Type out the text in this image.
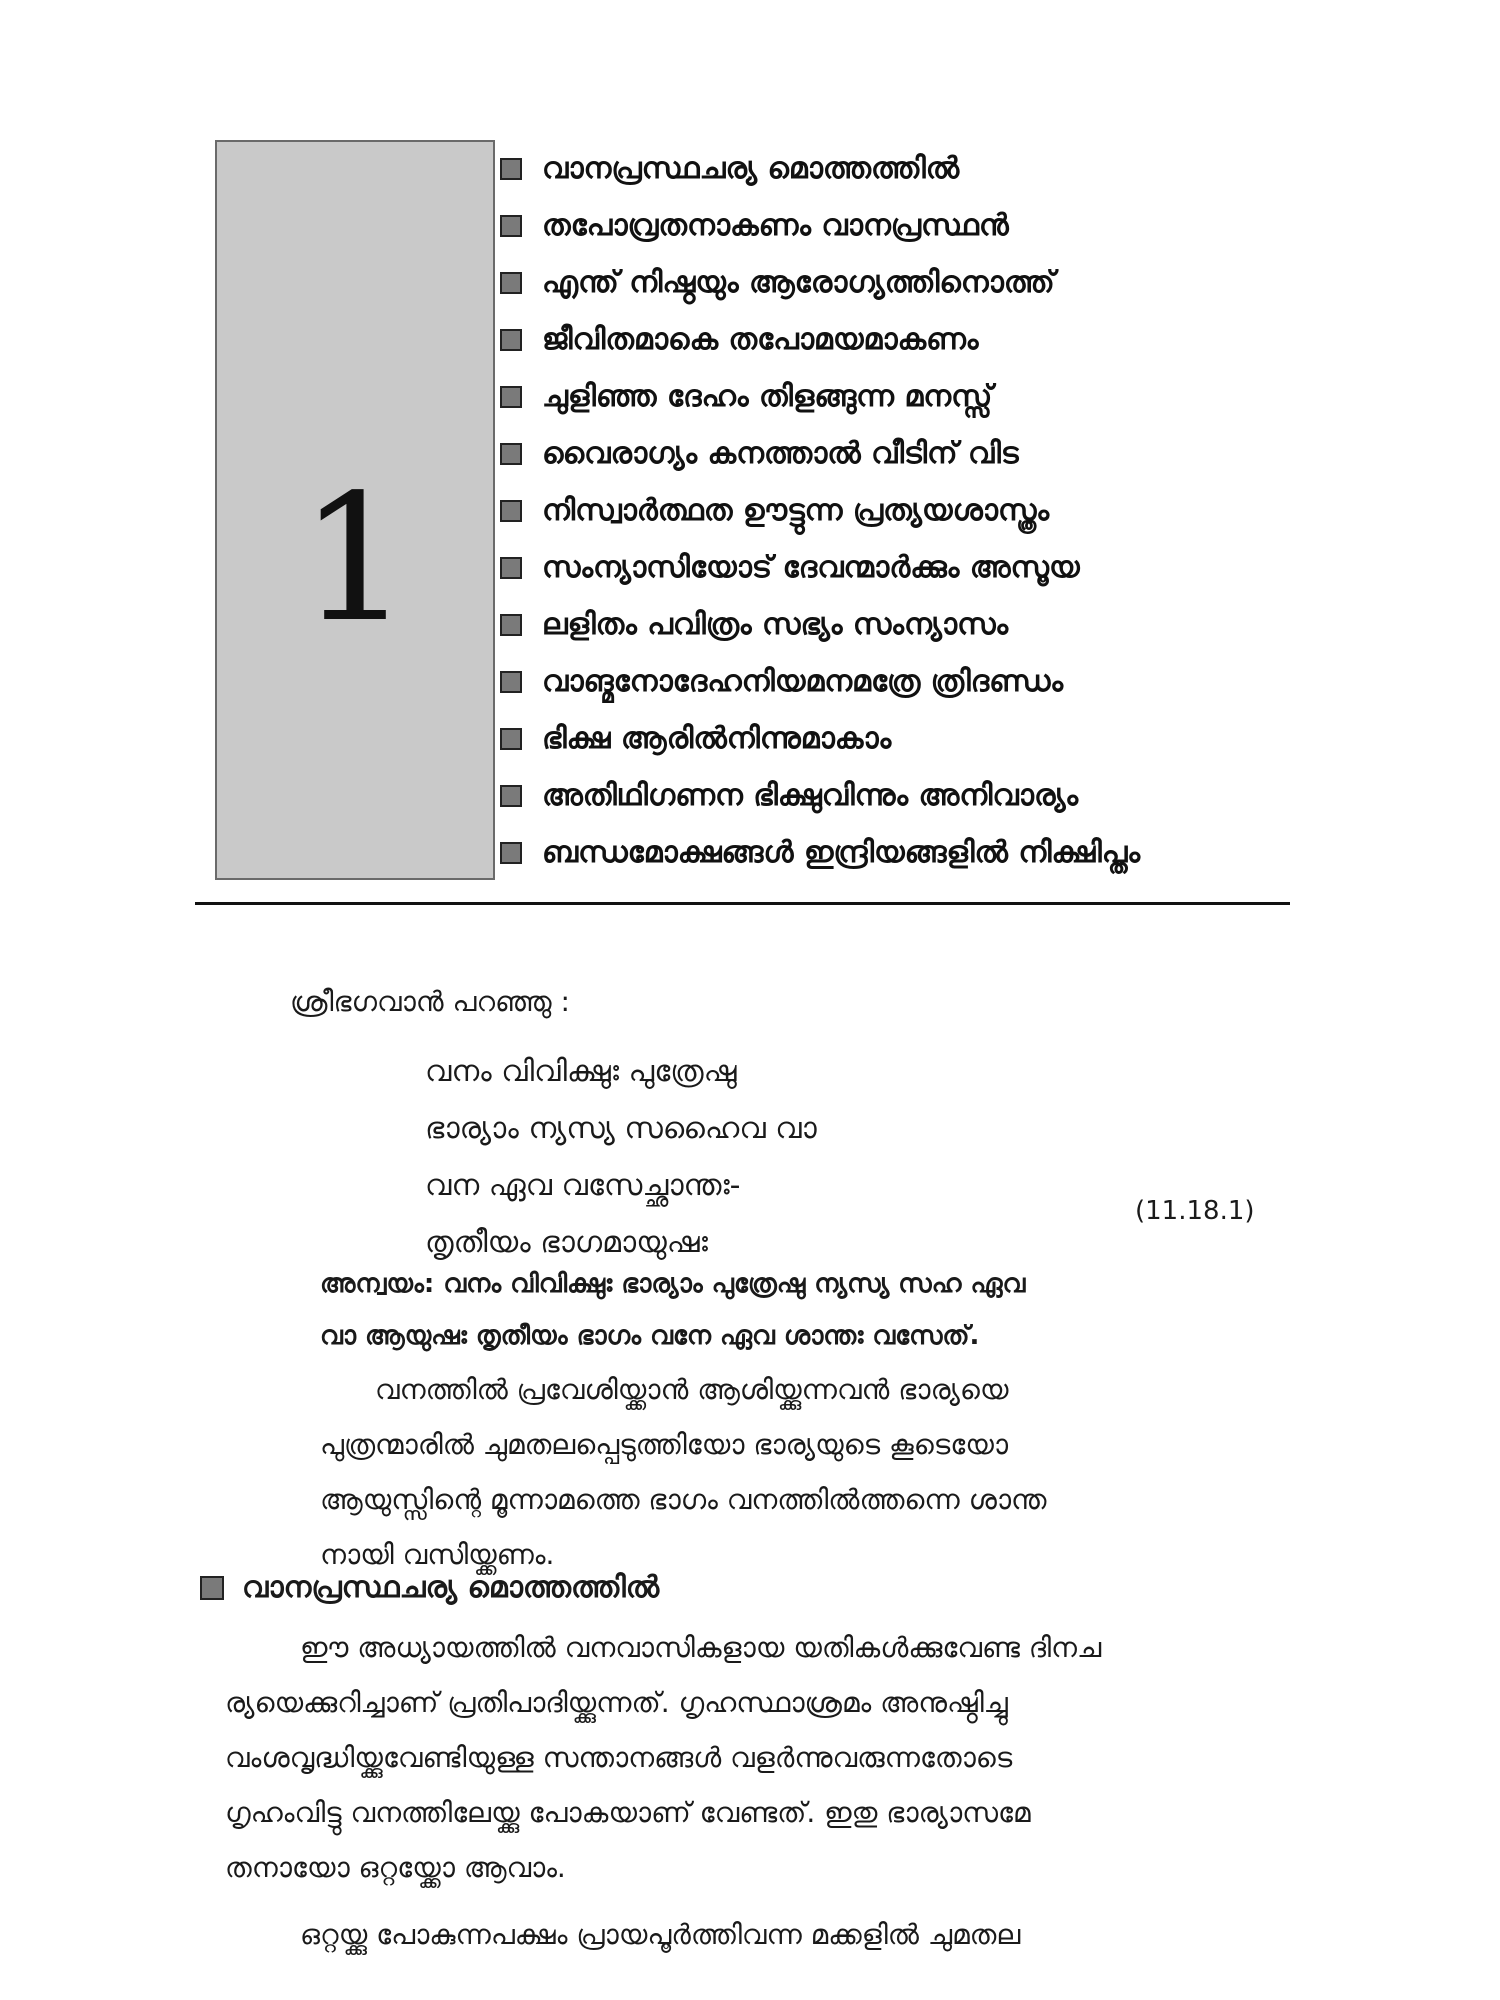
1
വാനപ്രസ്ഥചര്യ മൊത്തത്തിൽ
തപോവ്രതനാകണം വാനപ്രസ്ഥൻ
എന്ത് നിഷ്ഠയും ആരോഗ്യത്തിനൊത്ത്
ജീവിതമാകെ തപോമയമാകണം
ചുളിഞ്ഞ ദേഹം തിളങ്ങുന്ന മനസ്സ്
വൈരാഗ്യം കനത്താൽ വീടിന് വിട
നിസ്വാർത്ഥത ഊട്ടുന്ന പ്രത്യയശാസ്ത്രം
സംന്യാസിയോട് ദേവന്മാർക്കും അസൂയ
ലളിതം പവിത്രം സഭ്യം സംന്യാസം
വാങ്മനോദേഹനിയമനമത്രേ ത്രിദണ്ഡം
ഭിക്ഷ ആരിൽനിന്നുമാകാം
അതിഥിഗണന ഭിക്ഷുവിന്നും അനിവാര്യം
ബന്ധമോക്ഷങ്ങൾ ഇന്ദ്രിയങ്ങളിൽ നിക്ഷിപ്തം
ശ്രീഭഗവാൻ പറഞ്ഞു :
വനം വിവിക്ഷുഃ പുത്രേഷു
ഭാര്യാം ന്യസ്യ സഹൈവ വാ
വന ഏവ വസേച്ഛാന്തഃ-
തൃതീയം ഭാഗമായുഷഃ
(11.18.1)

അന്വയം: വനം വിവിക്ഷുഃ ഭാര്യാം പുത്രേഷു ന്യസ്യ സഹ ഏവ

വാ ആയുഷഃ തൃതീയം ഭാഗം വനേ ഏവ ശാന്തഃ വസേത്.

വനത്തിൽ പ്രവേശിയ്ക്കാൻ ആശിയ്ക്കുന്നവൻ ഭാര്യയെ

പുത്രന്മാരിൽ ചുമതലപ്പെടുത്തിയോ ഭാര്യയുടെ കൂടെയോ

ആയുസ്സിന്റെ മൂന്നാമത്തെ ഭാഗം വനത്തിൽത്തന്നെ ശാന്ത

നായി വസിയ്ക്കണം.

വാനപ്രസ്ഥചര്യ മൊത്തത്തിൽ

ഈ അധ്യായത്തിൽ വനവാസികളായ യതികൾക്കുവേണ്ട ദിനച

ര്യയെക്കുറിച്ചാണ് പ്രതിപാദിയ്ക്കുന്നത്. ഗൃഹസ്ഥാശ്രമം അനുഷ്ഠിച്ചു

വംശവൃദ്ധിയ്ക്കുവേണ്ടിയുള്ള സന്താനങ്ങൾ വളർന്നുവരുന്നതോടെ

ഗൃഹംവിട്ടു വനത്തിലേയ്ക്കു പോകയാണ് വേണ്ടത്. ഇതു ഭാര്യാസമേ

തനായോ ഒറ്റയ്ക്കോ ആവാം.

ഒറ്റയ്ക്കു പോകുന്നപക്ഷം പ്രായപൂർത്തിവന്ന മക്കളിൽ ചുമതല
